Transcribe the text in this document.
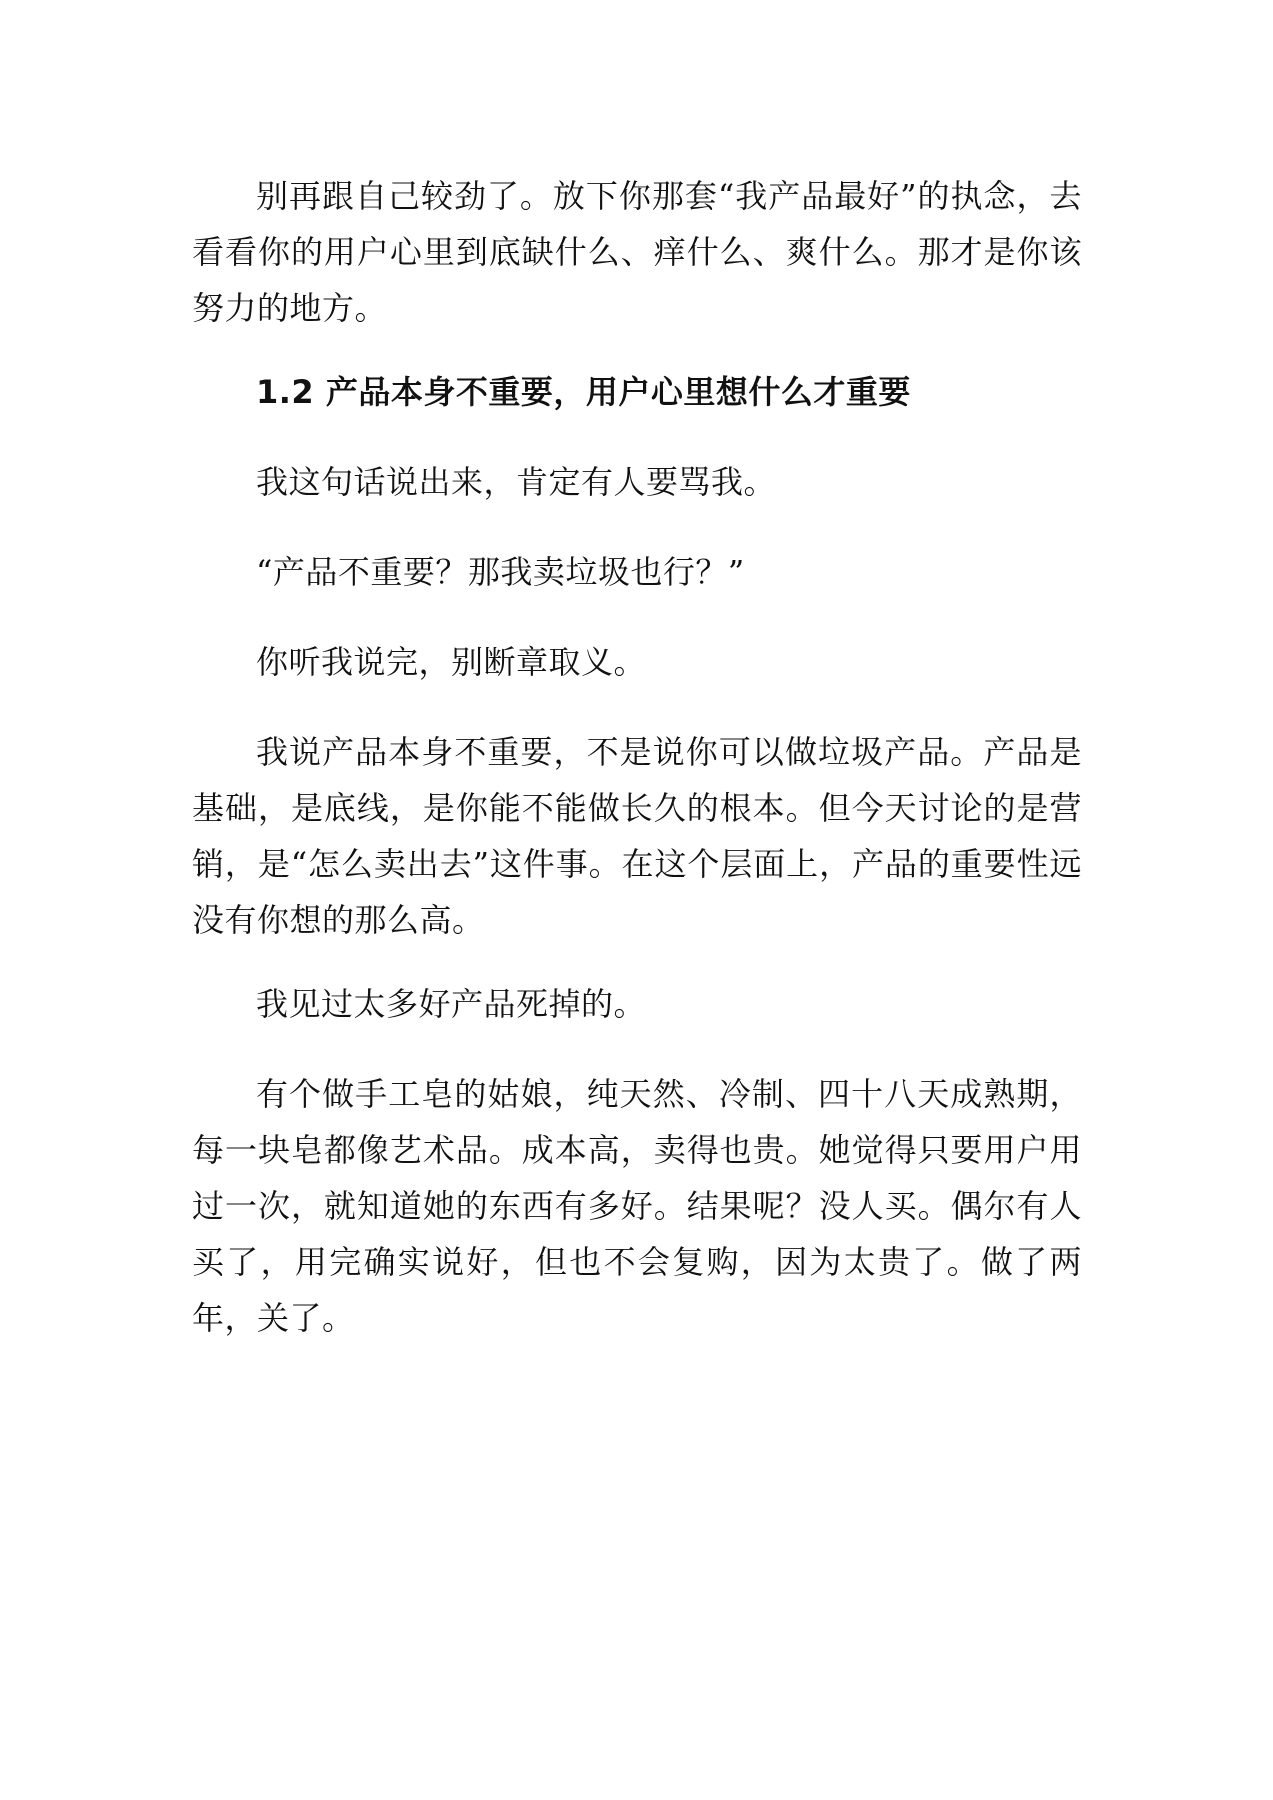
别再跟自己较劲了。放下你那套“我产品最好”的执念，去看看你的用户心里到底缺什么、痒什么、爽什么。那才是你该努力的地方。

1.2 产品本身不重要，用户心里想什么才重要

我这句话说出来，肯定有人要骂我。

“产品不重要？那我卖垃圾也行？”

你听我说完，别断章取义。

我说产品本身不重要，不是说你可以做垃圾产品。产品是基础，是底线，是你能不能做长久的根本。但今天讨论的是营销，是“怎么卖出去”这件事。在这个层面上，产品的重要性远没有你想的那么高。

我见过太多好产品死掉的。

有个做手工皂的姑娘，纯天然、冷制、四十八天成熟期，每一块皂都像艺术品。成本高，卖得也贵。她觉得只要用户用过一次，就知道她的东西有多好。结果呢？没人买。偶尔有人买了，用完确实说好，但也不会复购，因为太贵了。做了两年，关了。
